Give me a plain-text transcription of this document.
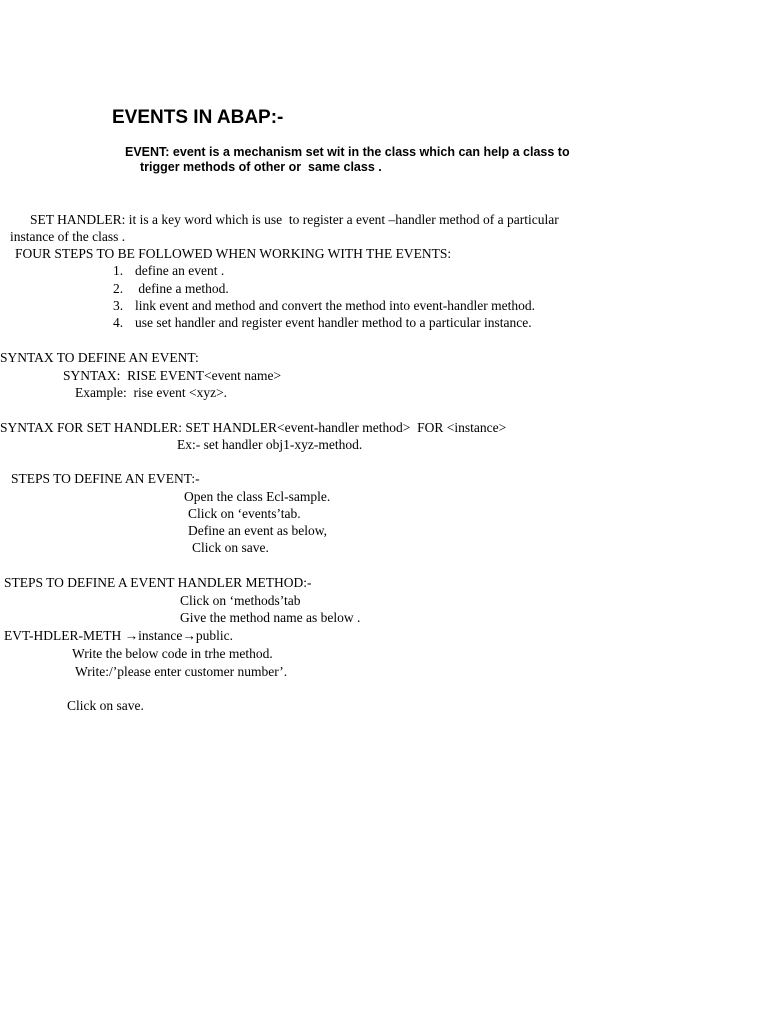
EVENTS IN ABAP:-
EVENT: event is a mechanism set wit in the class which can help a class to
trigger methods of other or  same class .
SET HANDLER: it is a key word which is use  to register a event –handler method of a particular
instance of the class .
FOUR STEPS TO BE FOLLOWED WHEN WORKING WITH THE EVENTS:
1. define an event .
2. define a method.
3. link event and method and convert the method into event-handler method.
4. use set handler and register event handler method to a particular instance.
SYNTAX TO DEFINE AN EVENT:
SYNTAX:  RISE EVENT<event name>
Example:  rise event <xyz>.
SYNTAX FOR SET HANDLER: SET HANDLER<event-handler method>  FOR <instance>
Ex:- set handler obj1-xyz-method.
STEPS TO DEFINE AN EVENT:-
Open the class Ecl-sample.
Click on ‘events’tab.
Define an event as below,
Click on save.
STEPS TO DEFINE A EVENT HANDLER METHOD:-
Click on ‘methods’tab
Give the method name as below .
EVT-HDLER-METH →instance→public.
Write the below code in trhe method.
Write:/’please enter customer number’.
Click on save.
